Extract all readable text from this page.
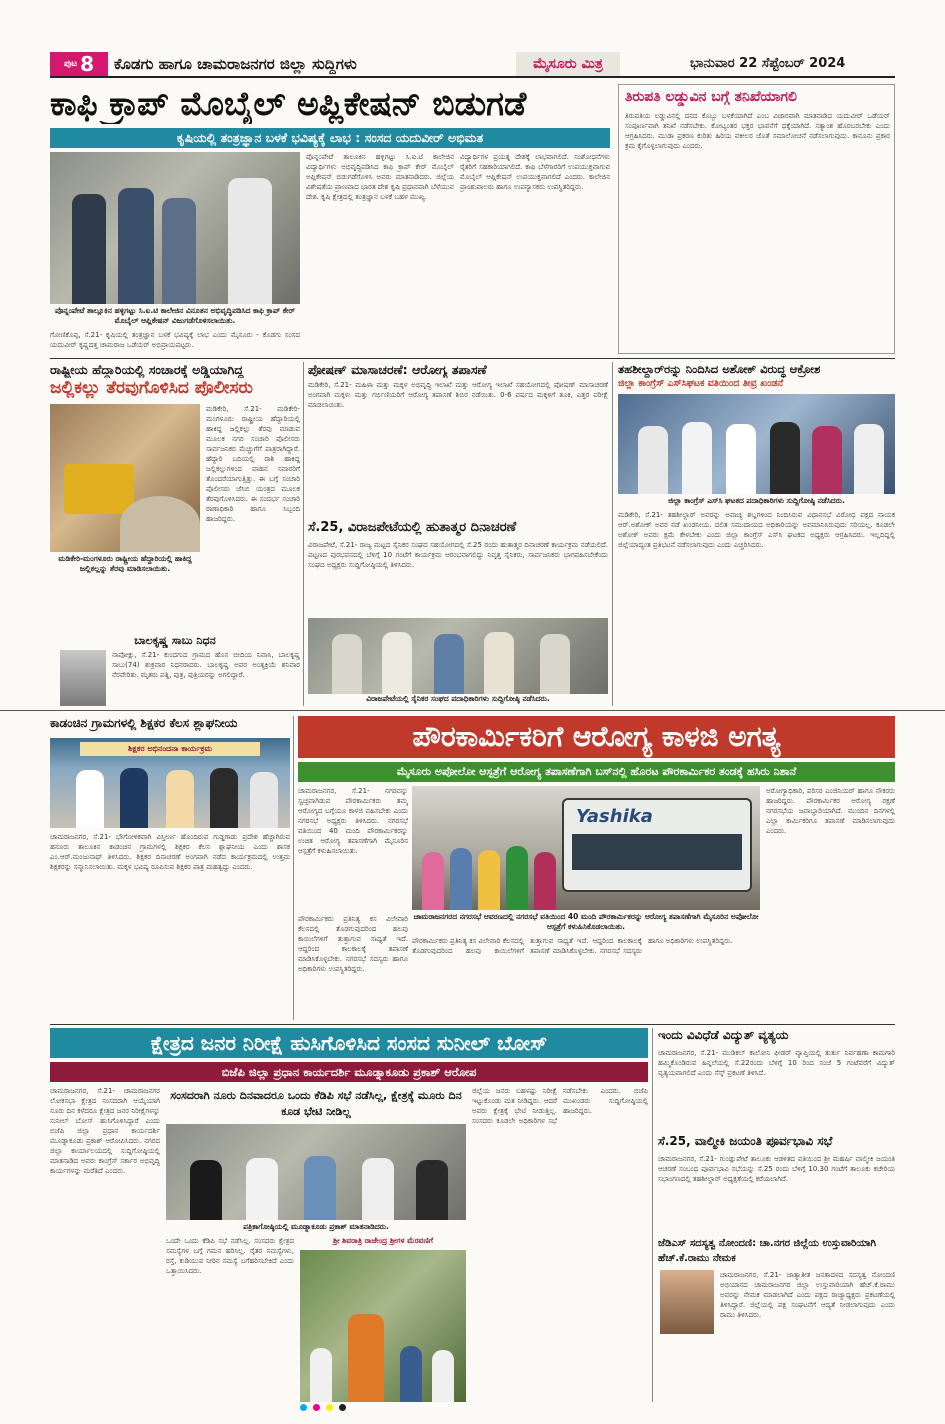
ಪುಟ 8 ಕೊಡಗು ಹಾಗೂ ಚಾಮರಾಜನಗರ ಜಿಲ್ಲಾ ಸುದ್ದಿಗಳು	ಮೈಸೂರು ಮಿತ್ರ	ಭಾನುವಾರ 22 ಸೆಪ್ಟೆಂಬರ್ 2024
ಕಾಫಿ ಕ್ರಾಪ್ ಮೊಬೈಲ್ ಅಪ್ಲಿಕೇಷನ್ ಬಿಡುಗಡೆ
ಕೃಷಿಯಲ್ಲಿ ತಂತ್ರಜ್ಞಾನ ಬಳಕೆ ಭವಿಷ್ಯಕ್ಕೆ ಲಾಭ : ಸಂಸದ ಯದುವೀರ್ ಅಭಿಮತ
ಪೊನ್ನಂಪೇಟೆ ತಾಲ್ಲೂಕಿನ ಹಳ್ಳಿಗಟ್ಟು ಸಿ.ಐ.ಟಿ ಕಾಲೇಜಿನ ವಿನೂತನ ಅಭಿವೃದ್ಧಿಪಡಿಸಿದ ಕಾಫಿ ಕ್ರಾಪ್ ಕೇರ್ ಮೊಬೈಲ್ ಆಪ್ಲಿಕೇಷನ್ ವಿಜುಗಡೆಗೊಳಿಸಲಾಯಿತು.
ಗೋಣಿಕೊಪ್ಪ, ಸೆ.21- ಕೃಷಿಯಲ್ಲಿ ತಂತ್ರಜ್ಞಾನ ಬಳಕೆ ಭವಿಷ್ಯಕ್ಕೆ ಲಾಭ ಎಂದು ಮೈಸೂರು - ಕೊಡಗು ಸಂಸದ ಯದುವೀರ್ ಕೃಷ್ಣದತ್ತ ಚಾಮರಾಜ ಒಡೆಯರ್ ಅಭಿಪ್ರಾಯಪಟ್ಟರು.
ಪೊನ್ನಂಪೇಟೆ ತಾಲೂಕಿನ ಹಳ್ಳಿಗಟ್ಟು ಸಿ.ಐ.ಟಿ ಕಾಲೇಜಿನ ವಿದ್ಯಾರ್ಥಿಗಳು ಅಭಿವೃದ್ಧಿಪಡಿಸಿದ ಕಾಫಿ ಕ್ರಾಪ್ ಕೇರ್ ಮೊಬೈಲ್ ಅಪ್ಲಿಕೇಷನ್ ಬಿಡುಗಡೆಗೊಳಿಸಿ ಅವರು ಮಾತನಾಡಿದರು. ಜಿಲ್ಲೆಯ ವಿಶೇಷತೆಯ ಪ್ರಾಣವಾದ ಭಾರತ ದೇಶ ಕೃಷಿ ಪ್ರಧಾನವಾಗಿ ಬೆಳೆಯುವ ದೇಶ. ಕೃಷಿ ಕ್ಷೇತ್ರದಲ್ಲಿ ತಂತ್ರಜ್ಞಾನ ಬಳಕೆ ಬಹಳ ಮುಖ್ಯ.
ವಿದ್ಯಾರ್ಥಿಗಳ ಪ್ರಯತ್ನ ದೇಶಕ್ಕೆ ಲಾಭವಾಗಲಿದೆ. ಸಂಶೋಧನೆಗಳು ರೈತರಿಗೆ ಸಹಕಾರಿಯಾಗಲಿದೆ. ಕಾಫಿ ಬೆಳೆಗಾರರಿಗೆ ಉಪಯುಕ್ತವಾಗುವ ಮೊಬೈಲ್ ಆಪ್ಲಿಕೇಷನ್ ಉಪಯುಕ್ತವಾಗಲಿದೆ ಎಂದರು. ಕಾಲೇಜಿನ ಪ್ರಾಂಶುಪಾಲರು ಹಾಗೂ ಉಪನ್ಯಾಸಕರು ಉಪಸ್ಥಿತರಿದ್ದರು.
ತಿರುಪತಿ ಲಡ್ಡುವಿನ ಬಗ್ಗೆ ತನಿಖೆಯಾಗಲಿ
ತಿರುಪತಿಯ ಲಡ್ಡುವಿನಲ್ಲಿ ದನದ ಕೊಬ್ಬು ಬಳಕೆಯಾಗಿದೆ ಎಂಬ ವಿಚಾರವಾಗಿ ಮಾತನಾಡಿದ ಯದುವೀರ್ ಒಡೆಯರ್ ಸಂಪೂರ್ಣವಾಗಿ ತನಿಖೆ ನಡೆಸಬೇಕು. ಕೋಟ್ಯಂತರ ಭಕ್ತರ ಭಾವನೆಗೆ ಧಕ್ಕೆಯಾಗಿದೆ. ಸತ್ಯಾಂಶ ಹೊರಬರಬೇಕು ಎಂದು ಆಗ್ರಹಿಸಿದರು. ಮುಡಾ ಪ್ರಕರಣ ಕುರಿತು ಹಿರಿಯ ವಕೀಲರ ಜೊತೆ ಸಮಾಲೋಚನೆ ನಡೆಸಲಾಗುವುದು. ಕಾನೂನು ಪ್ರಕಾರ ಕ್ರಮ ಕೈಗೊಳ್ಳಲಾಗುವುದು ಎಂದರು.
ರಾಷ್ಟ್ರೀಯ ಹೆದ್ದಾರಿಯಲ್ಲಿ ಸಂಚಾರಕ್ಕೆ ಅಡ್ಡಿಯಾಗಿದ್ದ
ಜಲ್ಲಿಕಲ್ಲು ತೆರವುಗೊಳಿಸಿದ ಪೊಲೀಸರು
ಮಡಿಕೇರಿ-ಮಂಗಳೂರು ರಾಷ್ಟ್ರೀಯ ಹೆದ್ದಾರಿಯಲ್ಲಿ ಹಾಕಿದ್ದ ಜಲ್ಲಿಕಲ್ಲನ್ನು ತೆರವು ಮಾಡಿಸಲಾಯಿತು.
ಮಡಿಕೇರಿ, ಸೆ.21- ಮಡಿಕೇರಿ-ಮಂಗಳೂರು ರಾಷ್ಟ್ರೀಯ ಹೆದ್ದಾರಿಯಲ್ಲಿ ಹಾಕಿದ್ದ ಜಲ್ಲಿಕಲ್ಲು ತೆರವು ಮಾಡುವ ಮೂಲಕ ನಗರ ಸಂಚಾರಿ ಪೊಲೀಸರು ಸಾರ್ವಜನಿಕರ ಮೆಚ್ಚುಗೆಗೆ ಪಾತ್ರರಾಗಿದ್ದಾರೆ. ಹೆದ್ದಾರಿ ಬದಿಯಲ್ಲಿ ರಾಶಿ ಹಾಕಿದ್ದ ಜಲ್ಲಿಕಲ್ಲುಗಳಿಂದ ವಾಹನ ಸವಾರರಿಗೆ ತೊಂದರೆಯಾಗುತ್ತಿತ್ತು. ಈ ಬಗ್ಗೆ ಸಂಚಾರಿ ಪೊಲೀಸರು ಜೆಸಿಬಿ ಯಂತ್ರದ ಮೂಲಕ ತೆರವುಗೊಳಿಸಿದರು. ಈ ಸಂದರ್ಭ ಸಂಚಾರಿ ಠಾಣಾಧಿಕಾರಿ ಹಾಗೂ ಸಿಬ್ಬಂದಿ ಹಾಜರಿದ್ದರು.
ಬಾಲಕೃಷ್ಣ ಸಾಬು ನಿಧನ
ನಾಪೋಕ್ಲು, ಸೆ.21- ಕುಂದಗುದ ಗ್ರಾಮದ ಹೊಸ ಬೀದಿಯ ನಿವಾಸಿ, ಬಾಲಕೃಷ್ಣ ಸಾಬು(74) ಶುಕ್ರವಾರ ನಿಧನರಾದರು. ಬಾಲಕೃಷ್ಣ ಅವರ ಅಂತ್ಯಕ್ರಿಯೆ ಶನಿವಾರ ನೆರವೇರಿತು. ಮೃತರು ಪತ್ನಿ, ಪುತ್ರ, ಪುತ್ರಿಯರನ್ನು ಅಗಲಿದ್ದಾರೆ.
ಪೋಷಣ್ ಮಾಸಾಚರಣೆ: ಆರೋಗ್ಯ ತಪಾಸಣೆ
ಮಡಿಕೇರಿ, ಸೆ.21- ಮಹಿಳಾ ಮತ್ತು ಮಕ್ಕಳ ಅಭಿವೃದ್ಧಿ ಇಲಾಖೆ ಮತ್ತು ಆರೋಗ್ಯ ಇಲಾಖೆ ಸಹಯೋಗದಲ್ಲಿ ಪೋಷಣ್ ಮಾಸಾಚರಣೆ ಅಂಗವಾಗಿ ಮಕ್ಕಳು ಮತ್ತು ಗರ್ಭಿಣಿಯರಿಗೆ ಆರೋಗ್ಯ ತಪಾಸಣೆ ಶಿಬಿರ ನಡೆಯಿತು. 0-6 ವರ್ಷದ ಮಕ್ಕಳಿಗೆ ತೂಕ, ಎತ್ತರ ಪರೀಕ್ಷೆ ಮಾಡಲಾಯಿತು.
ಸೆ.25, ವಿರಾಜಪೇಟೆಯಲ್ಲಿ ಹುತಾತ್ಮರ ದಿನಾಚರಣೆ
ವಿರಾಜಪೇಟೆ, ಸೆ.21- ರಾಜ್ಯ ಮಟ್ಟದ ಸೈನಿಕರ ಸಂಘದ ಸಹಯೋಗದಲ್ಲಿ ಸೆ.25 ರಂದು ಹುತಾತ್ಮರ ದಿನಾಚರಣೆ ಕಾರ್ಯಕ್ರಮ ನಡೆಯಲಿದೆ. ಪಟ್ಟಣದ ಪುರಭವನದಲ್ಲಿ ಬೆಳಿಗ್ಗೆ 10 ಗಂಟೆಗೆ ಕಾರ್ಯಕ್ರಮ ಆರಂಭವಾಗಲಿದ್ದು ನಿವೃತ್ತ ಸೈನಿಕರು, ಸಾರ್ವಜನಿಕರು ಭಾಗವಹಿಸಬೇಕೆಂದು ಸಂಘದ ಅಧ್ಯಕ್ಷರು ಸುದ್ದಿಗೋಷ್ಠಿಯಲ್ಲಿ ತಿಳಿಸಿದರು.
ವಿರಾಜಪೇಟೆಯಲ್ಲಿ ಸೈನಿಕರ ಸಂಘದ ಪದಾಧಿಕಾರಿಗಳು ಸುದ್ದಿಗೋಷ್ಠಿ ನಡೆಸಿದರು.
ತಹಶೀಲ್ದಾರ್‌ರನ್ನು ನಿಂದಿಸಿದ ಅಶೋಕ್ ವಿರುದ್ಧ ಆಕ್ರೋಶ
ಜಿಲ್ಲಾ ಕಾಂಗ್ರೆಸ್ ಎಸ್‌ಸಿಘಟಕ ವತಿಯಿಂದ ತೀವ್ರ ಖಂಡನೆ
ಜಿಲ್ಲಾ ಕಾಂಗ್ರೆಸ್ ಎಸ್‌ಸಿ ಘಟಕದ ಪದಾಧಿಕಾರಿಗಳು ಸುದ್ದಿಗೋಷ್ಠಿ ನಡೆಸಿದರು.
ಮಡಿಕೇರಿ, ಸೆ.21- ತಹಶೀಲ್ದಾರ್ ಅವರನ್ನು ಅವಾಚ್ಯ ಶಬ್ದಗಳಿಂದ ನಿಂದಿಸಿರುವ ವಿಧಾನಸಭೆ ವಿರೋಧ ಪಕ್ಷದ ನಾಯಕ ಆರ್.ಅಶೋಕ್ ಅವರ ನಡೆ ಖಂಡನೀಯ. ದಲಿತ ಸಮುದಾಯದ ಅಧಿಕಾರಿಯನ್ನು ಅವಮಾನಿಸಿರುವುದು ಸರಿಯಲ್ಲ. ಕೂಡಲೇ ಅಶೋಕ್ ಅವರು ಕ್ಷಮೆ ಕೇಳಬೇಕು ಎಂದು ಜಿಲ್ಲಾ ಕಾಂಗ್ರೆಸ್ ಎಸ್‌ಸಿ ಘಟಕದ ಅಧ್ಯಕ್ಷರು ಆಗ್ರಹಿಸಿದರು. ಇಲ್ಲದಿದ್ದಲ್ಲಿ ಜಿಲ್ಲೆಯಾದ್ಯಂತ ಪ್ರತಿಭಟನೆ ನಡೆಸಲಾಗುವುದು ಎಂದು ಎಚ್ಚರಿಸಿದರು.
ಕಾಡಂಚಿನ ಗ್ರಾಮಗಳಲ್ಲಿ ಶಿಕ್ಷಕರ ಕೆಲಸ ಶ್ಲಾಘನೀಯ
ಶಿಕ್ಷಕರ ಅಭಿನಂದನಾ ಕಾರ್ಯಕ್ರಮ
ಚಾಮರಾಜನಗರ, ಸೆ.21- ಭೌಗೋಳಿಕವಾಗಿ ವಿಸ್ತೀರ್ಣ ಹೊಂದಿರುವ ಗುಡ್ಡಗಾಡು ಪ್ರದೇಶ ಹೆಚ್ಚಾಗಿರುವ ಹನೂರು ತಾಲೂಕಿನ ಕಾಡಂಚಿನ ಗ್ರಾಮಗಳಲ್ಲಿ ಶಿಕ್ಷಕರ ಕೆಲಸ ಶ್ಲಾಘನೀಯ ಎಂದು ಶಾಸಕ ಎಂ.ಆರ್.ಮಂಜುನಾಥ್ ತಿಳಿಸಿದರು. ಶಿಕ್ಷಕರ ದಿನಾಚರಣೆ ಅಂಗವಾಗಿ ನಡೆದ ಕಾರ್ಯಕ್ರಮದಲ್ಲಿ ಉತ್ತಮ ಶಿಕ್ಷಕರನ್ನು ಸನ್ಮಾನಿಸಲಾಯಿತು. ಮಕ್ಕಳ ಭವಿಷ್ಯ ರೂಪಿಸುವ ಶಿಕ್ಷಕರ ಪಾತ್ರ ಮಹತ್ವದ್ದು ಎಂದರು.
ಪೌರಕಾರ್ಮಿಕರಿಗೆ ಆರೋಗ್ಯ ಕಾಳಜಿ ಅಗತ್ಯ
ಮೈಸೂರು ಅಪೋಲೋ ಆಸ್ಪತ್ರೆಗೆ ಆರೋಗ್ಯ ತಪಾಸಣೆಗಾಗಿ ಬಸ್‌ನಲ್ಲಿ ಹೊರಟ ಪೌರಕಾರ್ಮಿಕರ ತಂಡಕ್ಕೆ ಹಸಿರು ನಿಶಾನೆ
ಚಾಮರಾಜನಗರ, ಸೆ.21- ನಗರವನ್ನು ಸ್ವಚ್ಛವಾಗಿಡುವ ಪೌರಕಾರ್ಮಿಕರು ತಮ್ಮ ಆರೋಗ್ಯದ ಬಗ್ಗೆಯೂ ಕಾಳಜಿ ವಹಿಸಬೇಕು ಎಂದು ನಗರಸಭೆ ಅಧ್ಯಕ್ಷರು ತಿಳಿಸಿದರು. ನಗರಸಭೆ ವತಿಯಿಂದ 40 ಮಂದಿ ಪೌರಕಾರ್ಮಿಕರನ್ನು ಉಚಿತ ಆರೋಗ್ಯ ತಪಾಸಣೆಗಾಗಿ ಮೈಸೂರಿನ ಆಸ್ಪತ್ರೆಗೆ ಕಳುಹಿಸಲಾಯಿತು.
Yashika
ಚಾಮರಾಜನಗರದ ನಗರಸಭೆ ಆವರಣದಲ್ಲಿ ನಗರಸಭೆ ವತಿಯಿಂದ 40 ಮಂದಿ ಪೌರಕಾರ್ಮಿಕರನ್ನು ಆರೋಗ್ಯ ತಪಾಸಣೆಗಾಗಿ ಮೈಸೂರಿನ ಅಪೋಲೋ ಆಸ್ಪತ್ರೆಗೆ ಕಳುಹಿಸಿಕೊಡಲಾಯಿತು.
ಪೌರಕಾರ್ಮಿಕರು ಪ್ರತಿನಿತ್ಯ ಕಸ ವಿಲೇವಾರಿ ಕೆಲಸದಲ್ಲಿ ತೊಡಗುವುದರಿಂದ ಹಲವು ಕಾಯಿಲೆಗಳಿಗೆ ತುತ್ತಾಗುವ ಸಾಧ್ಯತೆ ಇದೆ. ಆದ್ದರಿಂದ ಕಾಲಕಾಲಕ್ಕೆ ತಪಾಸಣೆ ಮಾಡಿಸಿಕೊಳ್ಳಬೇಕು. ನಗರಸಭೆ ಸದಸ್ಯರು ಹಾಗೂ ಅಧಿಕಾರಿಗಳು ಉಪಸ್ಥಿತರಿದ್ದರು.
ಪೌರಕಾರ್ಮಿಕರು ಪ್ರತಿನಿತ್ಯ ಕಸ ವಿಲೇವಾರಿ ಕೆಲಸದಲ್ಲಿ ತೊಡಗುವುದರಿಂದ ಹಲವು ಕಾಯಿಲೆಗಳಿಗೆ ತುತ್ತಾಗುವ ಸಾಧ್ಯತೆ ಇದೆ. ಆದ್ದರಿಂದ ಕಾಲಕಾಲಕ್ಕೆ ತಪಾಸಣೆ ಮಾಡಿಸಿಕೊಳ್ಳಬೇಕು. ನಗರಸಭೆ ಸದಸ್ಯರು ಹಾಗೂ ಅಧಿಕಾರಿಗಳು ಉಪಸ್ಥಿತರಿದ್ದರು.
ಅರೋಗ್ಯಾಧಿಕಾರಿ, ಪರಿಸರ ಎಂಜಿನಿಯರ್ ಹಾಗೂ ನೌಕರರು ಹಾಜರಿದ್ದರು. ಪೌರಕಾರ್ಮಿಕರ ಆರೋಗ್ಯ ರಕ್ಷಣೆ ನಗರಸಭೆಯ ಜವಾಬ್ದಾರಿಯಾಗಿದೆ. ಮುಂದಿನ ದಿನಗಳಲ್ಲಿ ಎಲ್ಲಾ ಕಾರ್ಮಿಕರಿಗೂ ತಪಾಸಣೆ ಮಾಡಿಸಲಾಗುವುದು ಎಂದರು.
ಕ್ಷೇತ್ರದ ಜನರ ನಿರೀಕ್ಷೆ ಹುಸಿಗೊಳಿಸಿದ ಸಂಸದ ಸುನೀಲ್ ಬೋಸ್
ಬಿಜೆಪಿ ಜಿಲ್ಲಾ ಪ್ರಧಾನ ಕಾರ್ಯದರ್ಶಿ ಮೂಡ್ನಾಕೂಡು ಪ್ರಕಾಶ್ ಆರೋಪ
ಚಾಮರಾಜನಗರ, ಸೆ.21- ಚಾಮರಾಜನಗರ ಲೋಕಸಭಾ ಕ್ಷೇತ್ರದ ಸಂಸದರಾಗಿ ಆಯ್ಕೆಯಾಗಿ ನೂರು ದಿನ ಕಳೆದರೂ ಕ್ಷೇತ್ರದ ಜನರ ನಿರೀಕ್ಷೆಗಳನ್ನು ಸುನೀಲ್ ಬೋಸ್ ಹುಸಿಗೊಳಿಸಿದ್ದಾರೆ ಎಂದು ಬಿಜೆಪಿ ಜಿಲ್ಲಾ ಪ್ರಧಾನ ಕಾರ್ಯದರ್ಶಿ ಮೂಡ್ನಾಕೂಡು ಪ್ರಕಾಶ್ ಆರೋಪಿಸಿದರು. ನಗರದ ಜಿಲ್ಲಾ ಕಾರ್ಯಾಲಯದಲ್ಲಿ ಸುದ್ದಿಗೋಷ್ಠಿಯಲ್ಲಿ ಮಾತನಾಡಿದ ಅವರು ಕಾಂಗ್ರೆಸ್ ಸರ್ಕಾರ ಅಭಿವೃದ್ಧಿ ಕಾರ್ಯಗಳನ್ನು ಮರೆತಿದೆ ಎಂದರು.
ಸಂಸದರಾಗಿ ನೂರು ದಿನವಾದರೂ ಒಂದು ಕೆಡಿಪಿ ಸಭೆ ನಡೆಸಿಲ್ಲ, ಕ್ಷೇತ್ರಕ್ಕೆ ಮೂರು ದಿನ ಕೂಡ ಭೇಟಿ ನೀಡಿಲ್ಲ
ಪತ್ರಿಕಾಗೋಷ್ಠಿಯಲ್ಲಿ ಮೂಡ್ನಾಕೂಡು ಪ್ರಕಾಶ್ ಮಾತನಾಡಿದರು.
ಒಂದೇ ಒಂದು ಕೆಡಿಪಿ ಸಭೆ ನಡೆಸಿಲ್ಲ. ಸಂಸದರು ಕ್ಷೇತ್ರದ ಸಮಸ್ಯೆಗಳ ಬಗ್ಗೆ ಗಮನ ಹರಿಸಿಲ್ಲ. ರೈತರ ಸಮಸ್ಯೆಗಳು, ರಸ್ತೆ, ಕುಡಿಯುವ ನೀರಿನ ಸಮಸ್ಯೆ ಬಗೆಹರಿಸಬೇಕಿದೆ ಎಂದು ಒತ್ತಾಯಿಸಿದರು.
ಶ್ರೀ ಶಿವರಾತ್ರಿ ರಾಜೇಂದ್ರ ಶ್ರೀಗಳ ಮೆರವಣಿಗೆ
ಜಿಲ್ಲೆಯ ಜನರು ಬಹಳಷ್ಟು ನಿರೀಕ್ಷೆ ಇಟ್ಟುಕೊಂಡು ಮತ ನೀಡಿದ್ದರು. ಆದರೆ ಅವರು ಕ್ಷೇತ್ರಕ್ಕೆ ಭೇಟಿ ನೀಡುತ್ತಿಲ್ಲ. ಸಂಸದರು ಕೂಡಲೇ ಅಧಿಕಾರಿಗಳ ಸಭೆ ನಡೆಸಬೇಕು ಎಂದರು. ಬಿಜೆಪಿ ಮುಖಂಡರು ಸುದ್ದಿಗೋಷ್ಠಿಯಲ್ಲಿ ಹಾಜರಿದ್ದರು.
ಇಂದು ವಿವಿಧೆಡೆ ವಿದ್ಯುತ್ ವ್ಯತ್ಯಯ
ಚಾಮರಾಜನಗರ, ಸೆ.21- ಮುಡಿಕಲ್ ಕಾಲೋನಿ ಫೀಡರ್ ವ್ಯಾಪ್ತಿಯಲ್ಲಿ ತುರ್ತು ನಿರ್ವಹಣಾ ಕಾಮಗಾರಿ ಹಮ್ಮಿಕೊಂಡಿರುವ ಹಿನ್ನಲೆಯಲ್ಲಿ ಸೆ.22ರಂದು ಬೆಳಿಗ್ಗೆ 10 ರಿಂದ ಸಂಜೆ 5 ಗಂಟೆವರೆಗೆ ವಿದ್ಯುತ್ ವ್ಯತ್ಯಯವಾಗಲಿದೆ ಎಂದು ಸೆಸ್ಕ್ ಪ್ರಕಟಣೆ ತಿಳಿಸಿದೆ.
ಸೆ.25, ವಾಲ್ಮೀಕಿ ಜಯಂತಿ ಪೂರ್ವಭಾವಿ ಸಭೆ
ಚಾಮರಾಜನಗರ, ಸೆ.21- ಗುಂಡ್ಲುಪೇಟೆ ತಾಲೂಕು ಆಡಳಿತದ ವತಿಯಿಂದ ಶ್ರೀ ಮಹರ್ಷಿ ವಾಲ್ಮೀಕಿ ಜಯಂತಿ ಆಚರಣೆ ಸಂಬಂಧ ಪೂರ್ವಭಾವಿ ಸಭೆಯನ್ನು ಸೆ.25 ರಂದು ಬೆಳಿಗ್ಗೆ 10.30 ಗಂಟೆಗೆ ತಾಲೂಕು ಕಚೇರಿಯ ಸಭಾಂಗಣದಲ್ಲಿ ತಹಶೀಲ್ದಾರ್ ಅಧ್ಯಕ್ಷತೆಯಲ್ಲಿ ಕರೆಯಲಾಗಿದೆ.
ಜೆಡಿಎಸ್ ಸದಸ್ಯತ್ವ ನೋಂದಣಿ: ಚಾ.ನಗರ ಜಿಲ್ಲೆಯ ಉಸ್ತುವಾರಿಯಾಗಿ ಹೆಚ್.ಕೆ.ರಾಮು ನೇಮಕ
ಚಾಮರಾಜನಗರ, ಸೆ.21- ಜಾತ್ಯಾತೀತ ಜನತಾದಳದ ಸದಸ್ಯತ್ವ ನೋಂದಣಿ ಅಭಿಯಾನದ ಚಾಮರಾಜನಗರ ಜಿಲ್ಲಾ ಉಸ್ತುವಾರಿಯಾಗಿ ಹೆಚ್.ಕೆ.ರಾಮು ಅವರನ್ನು ನೇಮಕ ಮಾಡಲಾಗಿದೆ ಎಂದು ಪಕ್ಷದ ರಾಜ್ಯಾಧ್ಯಕ್ಷರು ಪ್ರಕಟಣೆಯಲ್ಲಿ ತಿಳಿಸಿದ್ದಾರೆ. ಜಿಲ್ಲೆಯಲ್ಲಿ ಪಕ್ಷ ಸಂಘಟನೆಗೆ ಆದ್ಯತೆ ನೀಡಲಾಗುವುದು ಎಂದು ರಾಮು ತಿಳಿಸಿದರು.
